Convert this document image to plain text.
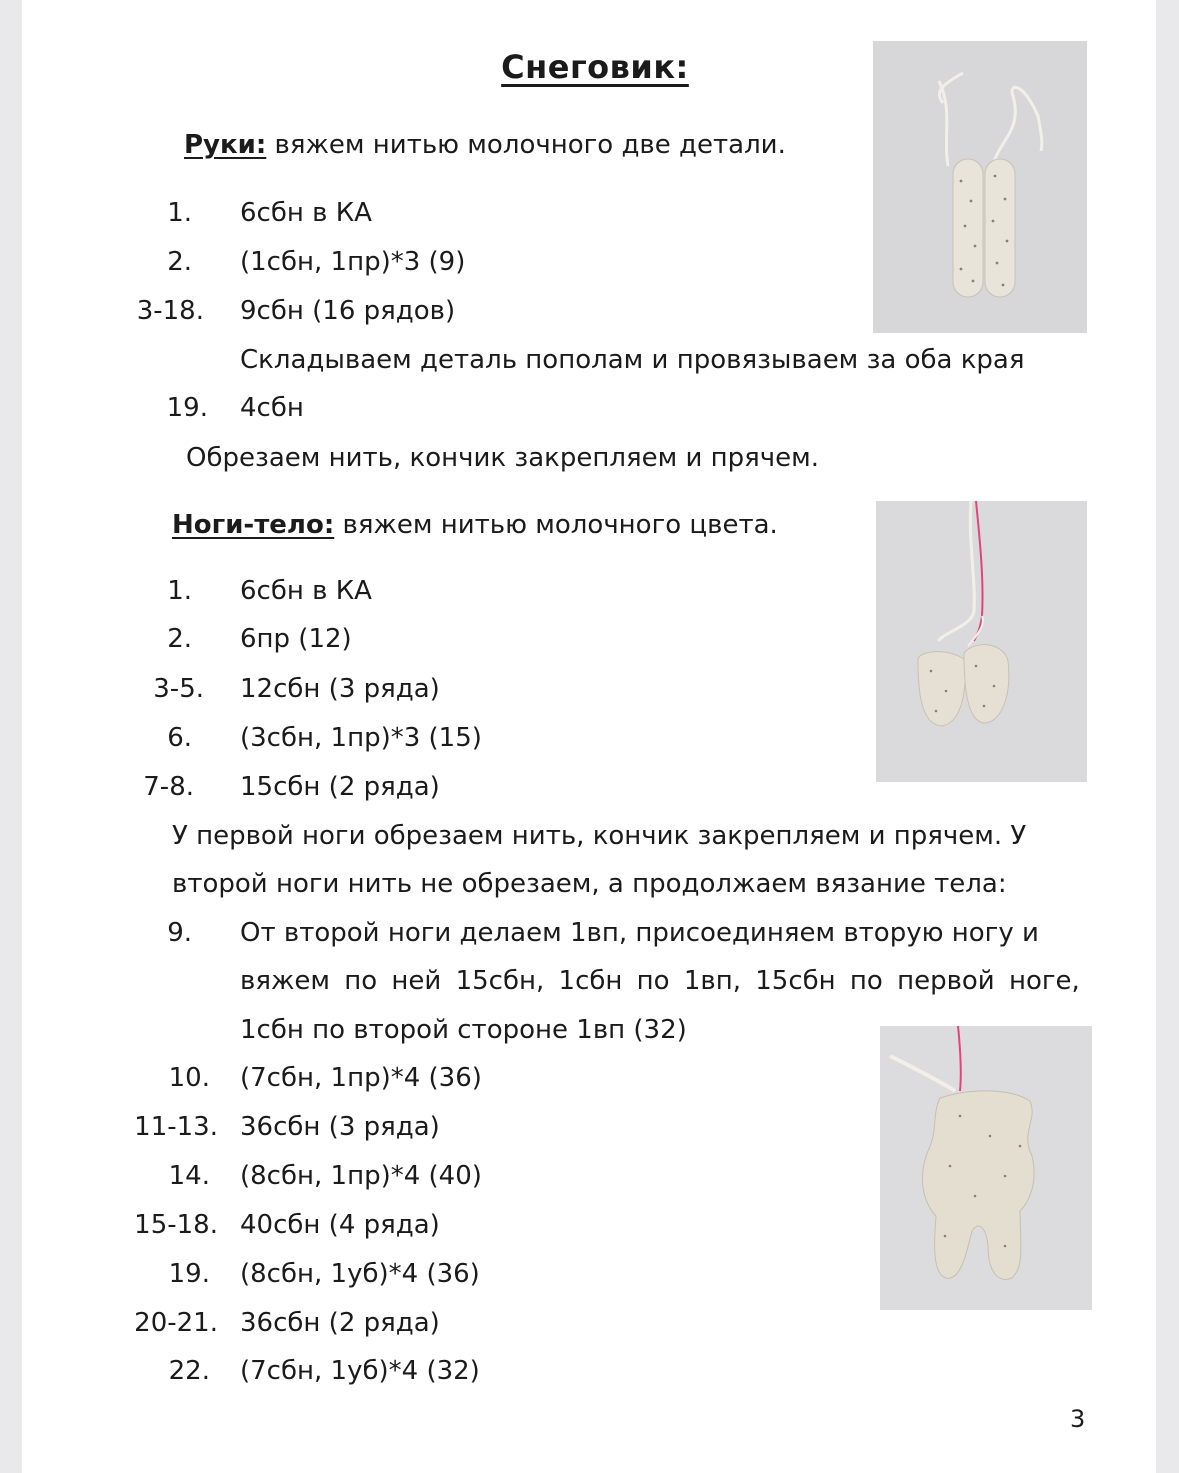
Снеговик:
Руки: вяжем нитью молочного две детали.
1. 6сбн в КА
2. (1сбн, 1пр)*3 (9)
3-18. 9сбн (16 рядов)
Складываем деталь пополам и провязываем за оба края
19. 4сбн
Обрезаем нить, кончик закрепляем и прячем.
Ноги-тело: вяжем нитью молочного цвета.
1. 6сбн в КА
2. 6пр (12)
3-5. 12сбн (3 ряда)
6. (3сбн, 1пр)*3 (15)
7-8. 15сбн (2 ряда)
У первой ноги обрезаем нить, кончик закрепляем и прячем. У
второй ноги нить не обрезаем, а продолжаем вязание тела:
9. От второй ноги делаем 1вп, присоединяем вторую ногу и
вяжем по ней 15сбн, 1сбн по 1вп, 15сбн по первой ноге,
1сбн по второй стороне 1вп (32)
10. (7сбн, 1пр)*4 (36)
11-13. 36сбн (3 ряда)
14. (8сбн, 1пр)*4 (40)
15-18. 40сбн (4 ряда)
19. (8сбн, 1уб)*4 (36)
20-21. 36сбн (2 ряда)
22. (7сбн, 1уб)*4 (32)
3
